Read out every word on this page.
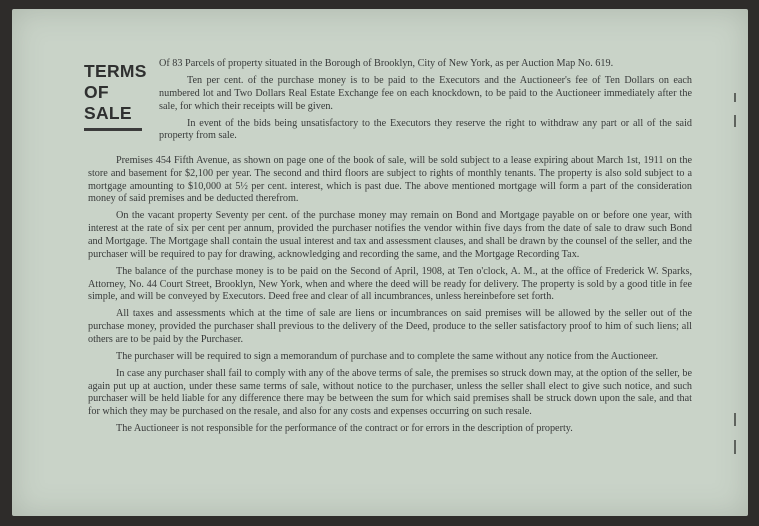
TERMS
OF
SALE

Of 83 Parcels of property situated in the Borough of Brooklyn, City of New York, as per Auction Map No. 619.

Ten per cent. of the purchase money is to be paid to the Executors and the Auctioneer's fee of Ten Dollars on each numbered lot and Two Dollars Real Estate Exchange fee on each knockdown, to be paid to the Auctioneer immediately after the sale, for which their receipts will be given.

In event of the bids being unsatisfactory to the Executors they reserve the right to withdraw any part or all of the said property from sale.

Premises 454 Fifth Avenue, as shown on page one of the book of sale, will be sold subject to a lease expiring about March 1st, 1911 on the store and basement for $2,100 per year. The second and third floors are subject to rights of monthly tenants. The property is also sold subject to a mortgage amounting to $10,000 at 5½ per cent. interest, which is past due. The above mentioned mortgage will form a part of the consideration money of said premises and be deducted therefrom.

On the vacant property Seventy per cent. of the purchase money may remain on Bond and Mortgage payable on or before one year, with interest at the rate of six per cent per annum, provided the purchaser notifies the vendor within five days from the date of sale to draw such Bond and Mortgage. The Mortgage shall contain the usual interest and tax and assessment clauses, and shall be drawn by the counsel of the seller, and the purchaser will be required to pay for drawing, acknowledging and recording the same, and the Mortgage Recording Tax.

The balance of the purchase money is to be paid on the Second of April, 1908, at Ten o'clock, A. M., at the office of Frederick W. Sparks, Attorney, No. 44 Court Street, Brooklyn, New York, when and where the deed will be ready for delivery. The property is sold by a good title in fee simple, and will be conveyed by Executors. Deed free and clear of all incumbrances, unless hereinbefore set forth.

All taxes and assessments which at the time of sale are liens or incumbrances on said premises will be allowed by the seller out of the purchase money, provided the purchaser shall previous to the delivery of the Deed, produce to the seller satisfactory proof to him of such liens; all others are to be paid by the Purchaser.

The purchaser will be required to sign a memorandum of purchase and to complete the same without any notice from the Auctioneer.

In case any purchaser shall fail to comply with any of the above terms of sale, the premises so struck down may, at the option of the seller, be again put up at auction, under these same terms of sale, without notice to the purchaser, unless the seller shall elect to give such notice, and such purchaser will be held liable for any difference there may be between the sum for which said premises shall be struck down upon the sale, and that for which they may be purchased on the resale, and also for any costs and expenses occurring on such resale.

The Auctioneer is not responsible for the performance of the contract or for errors in the description of property.
